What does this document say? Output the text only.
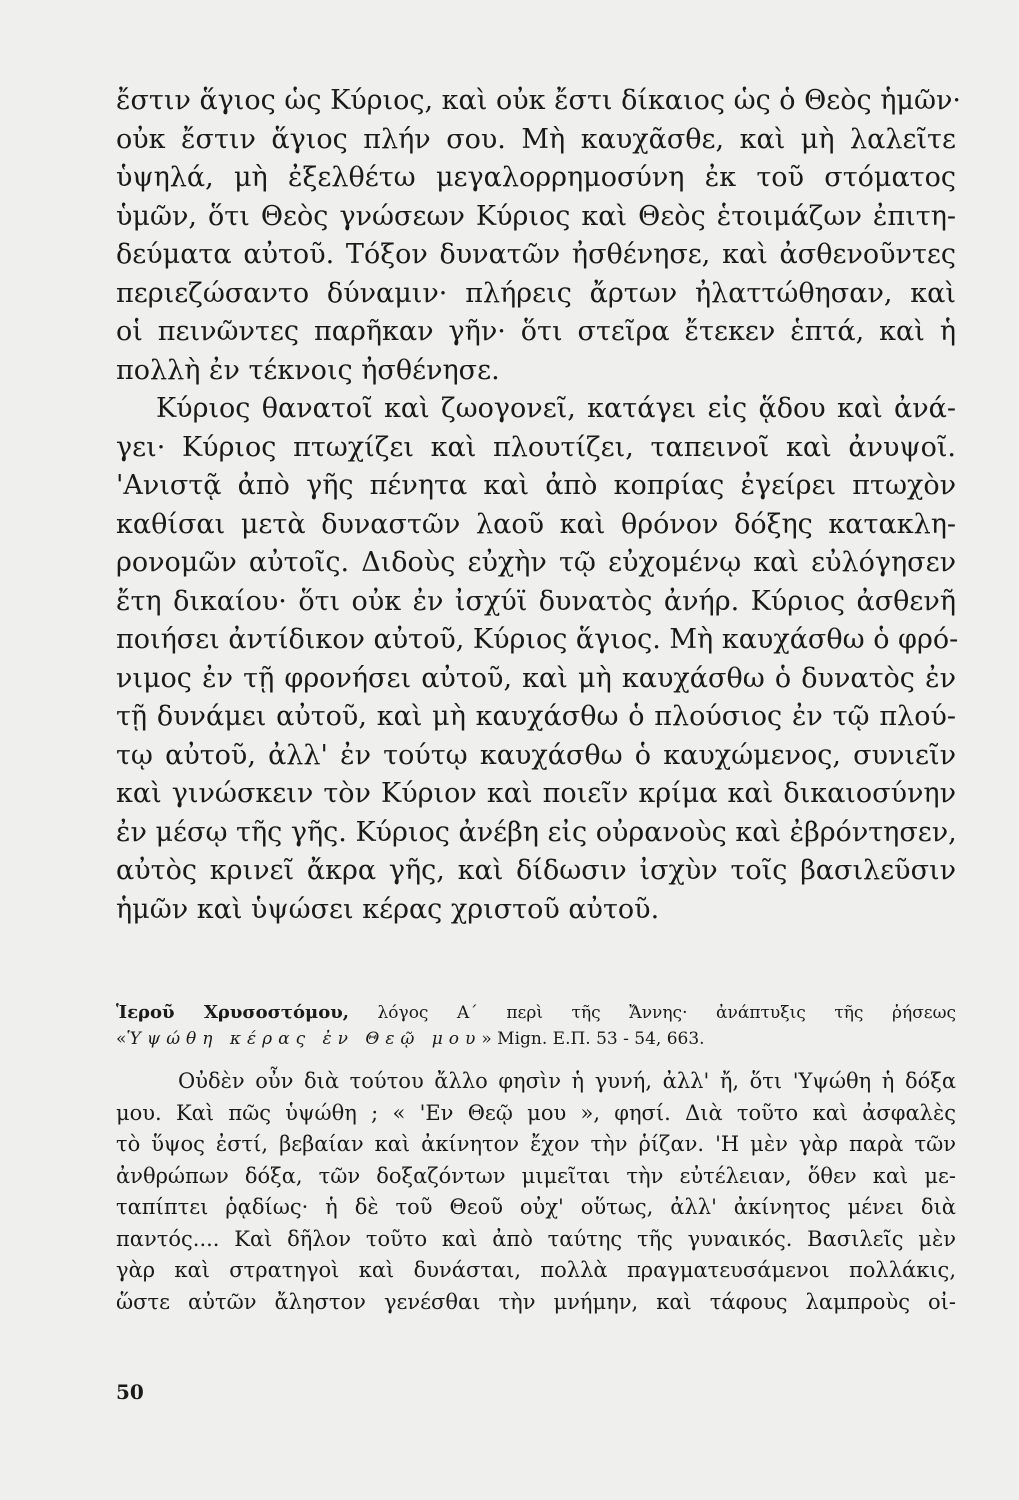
ἔστιν ἅγιος ὡς Κύριος, καὶ οὐκ ἔστι δίκαιος ὡς ὁ Θεὸς ἡμῶν·
οὐκ ἔστιν ἅγιος πλήν σου. Μὴ καυχᾶσθε, καὶ μὴ λαλεῖτε
ὑψηλά, μὴ ἐξελθέτω μεγαλορρημοσύνη ἐκ τοῦ στόματος
ὑμῶν, ὅτι Θεὸς γνώσεων Κύριος καὶ Θεὸς ἑτοιμάζων ἐπιτη-
δεύματα αὐτοῦ. Τόξον δυνατῶν ἠσθένησε, καὶ ἀσθενοῦντες
περιεζώσαντο δύναμιν· πλήρεις ἄρτων ἠλαττώθησαν, καὶ
οἱ πεινῶντες παρῆκαν γῆν· ὅτι στεῖρα ἔτεκεν ἑπτά, καὶ ἡ
πολλὴ ἐν τέκνοις ἠσθένησε.
Κύριος θανατοῖ καὶ ζωογονεῖ, κατάγει εἰς ᾅδου καὶ ἀνά-
γει· Κύριος πτωχίζει καὶ πλουτίζει, ταπεινοῖ καὶ ἀνυψοῖ.
'Ανιστᾷ ἀπὸ γῆς πένητα καὶ ἀπὸ κοπρίας ἐγείρει πτωχὸν
καθίσαι μετὰ δυναστῶν λαοῦ καὶ θρόνον δόξης κατακλη-
ρονομῶν αὐτοῖς. Διδοὺς εὐχὴν τῷ εὐχομένῳ καὶ εὐλόγησεν
ἔτη δικαίου· ὅτι οὐκ ἐν ἰσχύϊ δυνατὸς ἀνήρ. Κύριος ἀσθενῆ
ποιήσει ἀντίδικον αὐτοῦ, Κύριος ἅγιος. Μὴ καυχάσθω ὁ φρό-
νιμος ἐν τῇ φρονήσει αὐτοῦ, καὶ μὴ καυχάσθω ὁ δυνατὸς ἐν
τῇ δυνάμει αὐτοῦ, καὶ μὴ καυχάσθω ὁ πλούσιος ἐν τῷ πλού-
τῳ αὐτοῦ, ἀλλ' ἐν τούτῳ καυχάσθω ὁ καυχώμενος, συνιεῖν
καὶ γινώσκειν τὸν Κύριον καὶ ποιεῖν κρίμα καὶ δικαιοσύνην
ἐν μέσῳ τῆς γῆς. Κύριος ἀνέβη εἰς οὐρανοὺς καὶ ἐβρόντησεν,
αὐτὸς κρινεῖ ἄκρα γῆς, καὶ δίδωσιν ἰσχὺν τοῖς βασιλεῦσιν
ἡμῶν καὶ ὑψώσει κέρας χριστοῦ αὐτοῦ.
Ἱεροῦ Χρυσοστόμου, λόγος Α΄ περὶ τῆς Ἄννης· ἀνάπτυξις τῆς ῥήσεως
«Ὑψώθη κέρας ἐν Θεῷ μου» Mign. Ε.Π. 53 - 54, 663.
Οὐδὲν οὖν διὰ τούτου ἄλλο φησὶν ἡ γυνή, ἀλλ' ἤ, ὅτι 'Υψώθη ἡ δόξα
μου. Καὶ πῶς ὑψώθη ; « 'Εν Θεῷ μου », φησί. Διὰ τοῦτο καὶ ἀσφαλὲς
τὸ ὕψος ἐστί, βεβαίαν καὶ ἀκίνητον ἔχον τὴν ῥίζαν. 'Η μὲν γὰρ παρὰ τῶν
ἀνθρώπων δόξα, τῶν δοξαζόντων μιμεῖται τὴν εὐτέλειαν, ὅθεν καὶ με-
ταπίπτει ῥᾳδίως· ἡ δὲ τοῦ Θεοῦ οὐχ' οὕτως, ἀλλ' ἀκίνητος μένει διὰ
παντός.... Καὶ δῆλον τοῦτο καὶ ἀπὸ ταύτης τῆς γυναικός. Βασιλεῖς μὲν
γὰρ καὶ στρατηγοὶ καὶ δυνάσται, πολλὰ πραγματευσάμενοι πολλάκις,
ὥστε αὐτῶν ἄληστον γενέσθαι τὴν μνήμην, καὶ τάφους λαμπροὺς οἰ-
50
